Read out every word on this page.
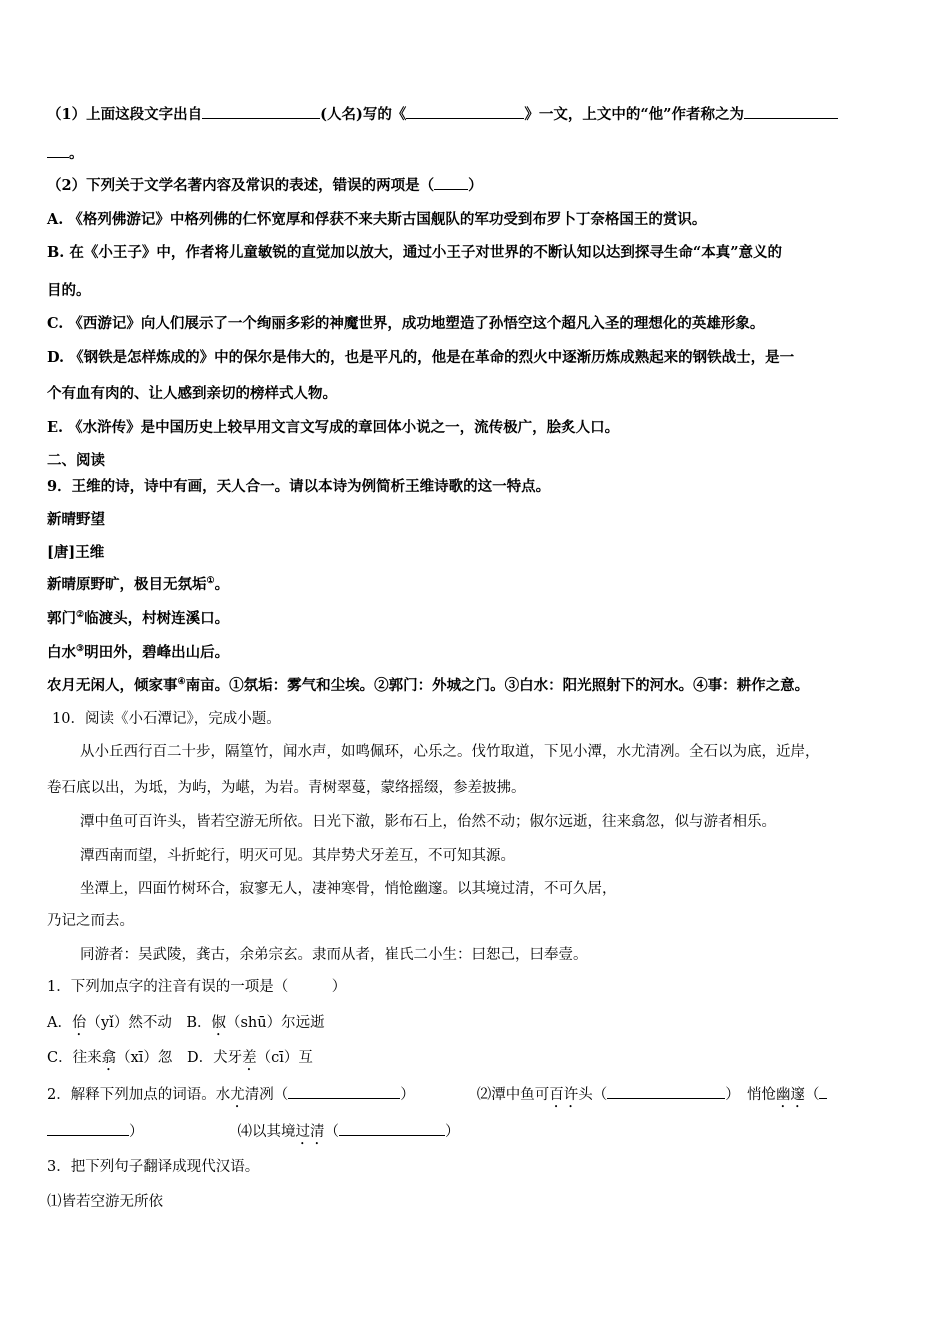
（1）上面这段文字出自	(人名)写的《	》一文，上文中的“他”作者称之为
。
（2）下列关于文学名著内容及常识的表述，错误的两项是（ ）
A. 《格列佛游记》中格列佛的仁怀宽厚和俘获不来夫斯古国舰队的军功受到布罗卜丁奈格国王的赏识。
B. 在《小王子》中，作者将儿童敏锐的直觉加以放大，通过小王子对世界的不断认知以达到探寻生命“本真”意义的
目的。
C. 《西游记》向人们展示了一个绚丽多彩的神魔世界，成功地塑造了孙悟空这个超凡入圣的理想化的英雄形象。
D. 《钢铁是怎样炼成的》中的保尔是伟大的，也是平凡的，他是在革命的烈火中逐渐历炼成熟起来的钢铁战士，是一
个有血有肉的、让人感到亲切的榜样式人物。
E. 《水浒传》是中国历史上较早用文言文写成的章回体小说之一，流传极广，脍炙人口。
二、阅读
9．王维的诗，诗中有画，天人合一。请以本诗为例简析王维诗歌的这一特点。
新晴野望
[唐]王维
新晴原野旷，极目无氛垢①。
郭门②临渡头，村树连溪口。
白水③明田外，碧峰出山后。
农月无闲人，倾家事④南亩。①氛垢：雾气和尘埃。②郭门：外城之门。③白水：阳光照射下的河水。④事：耕作之意。
10．阅读《小石潭记》，完成小题。
从小丘西行百二十步，隔篁竹，闻水声，如鸣佩环，心乐之。伐竹取道，下见小潭，水尤清冽。全石以为底，近岸，
卷石底以出，为坻，为屿，为嵁，为岩。青树翠蔓，蒙络摇缀，参差披拂。
潭中鱼可百许头，皆若空游无所依。日光下澈，影布石上，佁然不动；俶尔远逝，往来翕忽，似与游者相乐。
潭西南而望，斗折蛇行，明灭可见。其岸势犬牙差互，不可知其源。
坐潭上，四面竹树环合，寂寥无人，凄神寒骨，悄怆幽邃。以其境过清，不可久居，
乃记之而去。
同游者：吴武陵，龚古，余弟宗玄。隶而从者，崔氏二小生：曰恕己，曰奉壹。
1．下列加点字的注音有误的一项是（　　　）
A．佁（yǐ）然不动  B．俶（shū）尔远逝
C．往来翕（xī）忽  D．犬牙差（cī）互
2．解释下列加点的词语。水尤清冽（	）	⑵潭中鱼可百许头（	）  悄怆幽邃（
）	⑷以其境过清（	）
3．把下列句子翻译成现代汉语。
⑴皆若空游无所依
